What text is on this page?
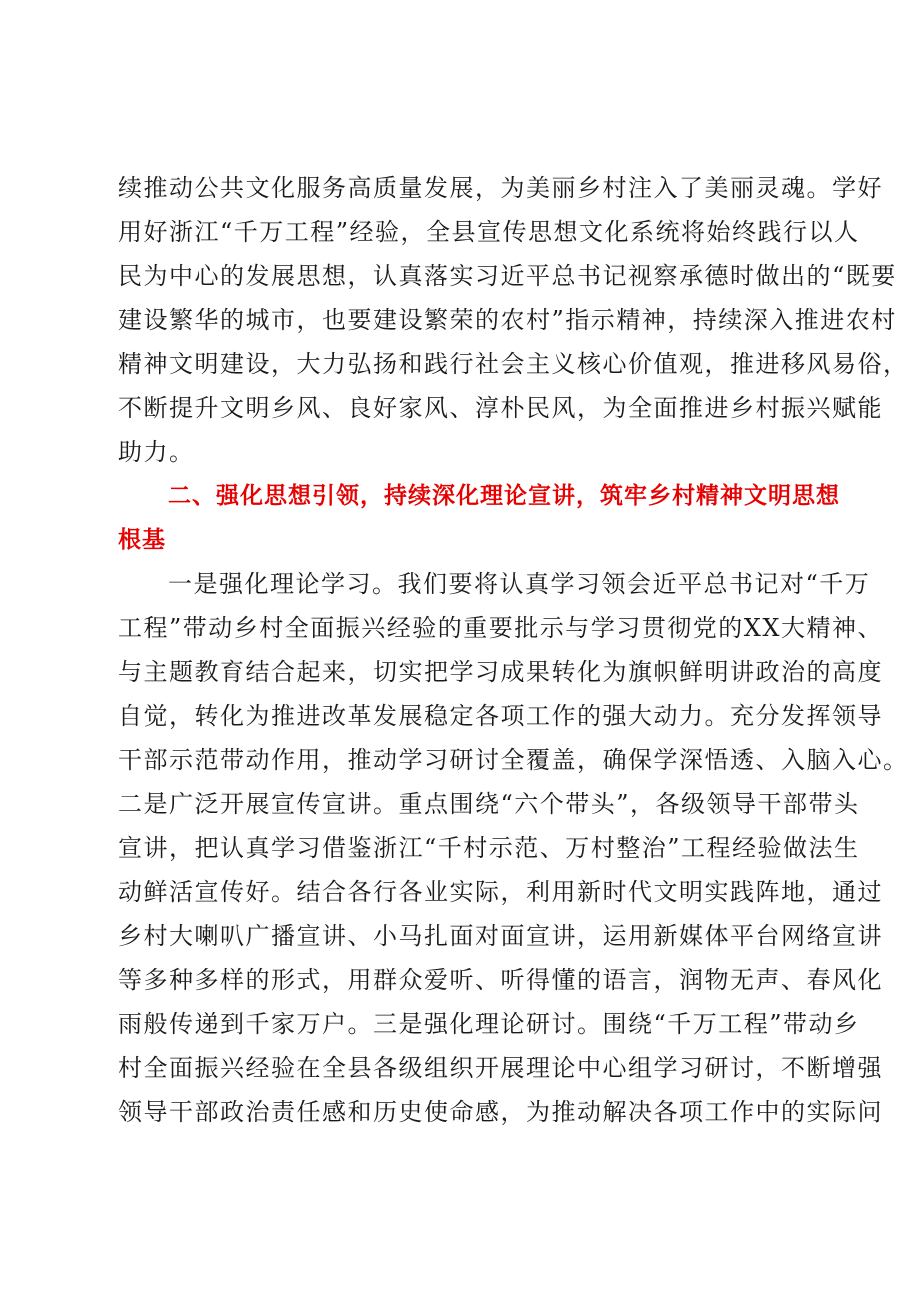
续推动公共文化服务高质量发展，为美丽乡村注入了美丽灵魂。学好
用好浙江“千万工程”经验，全县宣传思想文化系统将始终践行以人
民为中心的发展思想，认真落实习近平总书记视察承德时做出的“既要
建设繁华的城市，也要建设繁荣的农村”指示精神，持续深入推进农村
精神文明建设，大力弘扬和践行社会主义核心价值观，推进移风易俗，
不断提升文明乡风、良好家风、淳朴民风，为全面推进乡村振兴赋能
助力。
二、强化思想引领，持续深化理论宣讲，筑牢乡村精神文明思想
根基
一是强化理论学习。我们要将认真学习领会近平总书记对“千万
工程”带动乡村全面振兴经验的重要批示与学习贯彻党的XX大精神、
与主题教育结合起来，切实把学习成果转化为旗帜鲜明讲政治的高度
自觉，转化为推进改革发展稳定各项工作的强大动力。充分发挥领导
干部示范带动作用，推动学习研讨全覆盖，确保学深悟透、入脑入心。
二是广泛开展宣传宣讲。重点围绕“六个带头”，各级领导干部带头
宣讲，把认真学习借鉴浙江“千村示范、万村整治”工程经验做法生
动鲜活宣传好。结合各行各业实际，利用新时代文明实践阵地，通过
乡村大喇叭广播宣讲、小马扎面对面宣讲，运用新媒体平台网络宣讲
等多种多样的形式，用群众爱听、听得懂的语言，润物无声、春风化
雨般传递到千家万户。三是强化理论研讨。围绕“千万工程”带动乡
村全面振兴经验在全县各级组织开展理论中心组学习研讨，不断增强
领导干部政治责任感和历史使命感，为推动解决各项工作中的实际问
